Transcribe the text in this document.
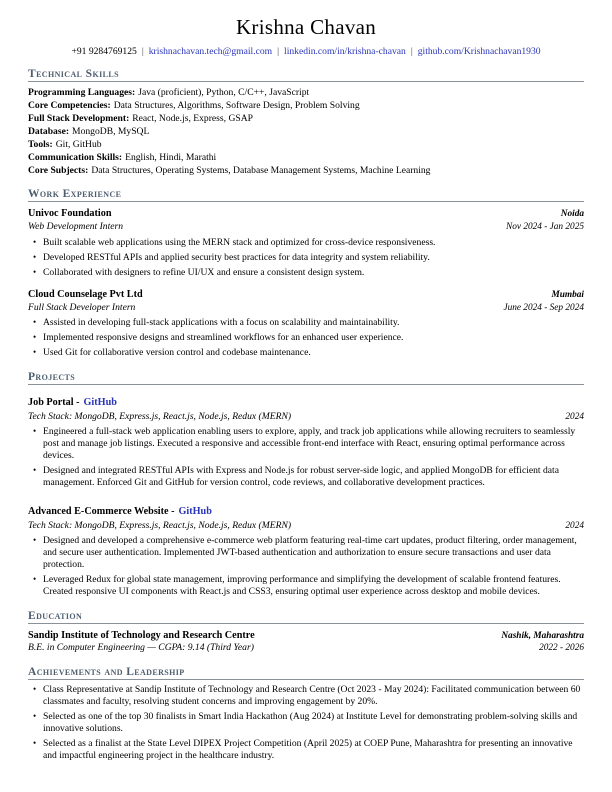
Krishna Chavan
+91 9284769125 | krishnachavan.tech@gmail.com | linkedin.com/in/krishna-chavan | github.com/Krishnachavan1930
Technical Skills
Programming Languages: Java (proficient), Python, C/C++, JavaScript
Core Competencies: Data Structures, Algorithms, Software Design, Problem Solving
Full Stack Development: React, Node.js, Express, GSAP
Database: MongoDB, MySQL
Tools: Git, GitHub
Communication Skills: English, Hindi, Marathi
Core Subjects: Data Structures, Operating Systems, Database Management Systems, Machine Learning
Work Experience
Univoc Foundation	Noida
Web Development Intern	Nov 2024 - Jan 2025
• Built scalable web applications using the MERN stack and optimized for cross-device responsiveness.
• Developed RESTful APIs and applied security best practices for data integrity and system reliability.
• Collaborated with designers to refine UI/UX and ensure a consistent design system.
Cloud Counselage Pvt Ltd	Mumbai
Full Stack Developer Intern	June 2024 - Sep 2024
• Assisted in developing full-stack applications with a focus on scalability and maintainability.
• Implemented responsive designs and streamlined workflows for an enhanced user experience.
• Used Git for collaborative version control and codebase maintenance.
Projects
Job Portal - GitHub
Tech Stack: MongoDB, Express.js, React.js, Node.js, Redux (MERN)	2024
• Engineered a full-stack web application enabling users to explore, apply, and track job applications while allowing recruiters to seamlessly post and manage job listings. Executed a responsive and accessible front-end interface with React, ensuring optimal performance across devices.
• Designed and integrated RESTful APIs with Express and Node.js for robust server-side logic, and applied MongoDB for efficient data management. Enforced Git and GitHub for version control, code reviews, and collaborative development practices.
Advanced E-Commerce Website - GitHub
Tech Stack: MongoDB, Express.js, React.js, Node.js, Redux (MERN)	2024
• Designed and developed a comprehensive e-commerce web platform featuring real-time cart updates, product filtering, order management, and secure user authentication. Implemented JWT-based authentication and authorization to ensure secure transactions and user data protection.
• Leveraged Redux for global state management, improving performance and simplifying the development of scalable frontend features. Created responsive UI components with React.js and CSS3, ensuring optimal user experience across desktop and mobile devices.
Education
Sandip Institute of Technology and Research Centre	Nashik, Maharashtra
B.E. in Computer Engineering — CGPA: 9.14 (Third Year)	2022 - 2026
Achievements and Leadership
• Class Representative at Sandip Institute of Technology and Research Centre (Oct 2023 - May 2024): Facilitated communication between 60 classmates and faculty, resolving student concerns and improving engagement by 20%.
• Selected as one of the top 30 finalists in Smart India Hackathon (Aug 2024) at Institute Level for demonstrating problem-solving skills and innovative solutions.
• Selected as a finalist at the State Level DIPEX Project Competition (April 2025) at COEP Pune, Maharashtra for presenting an innovative and impactful engineering project in the healthcare industry.
